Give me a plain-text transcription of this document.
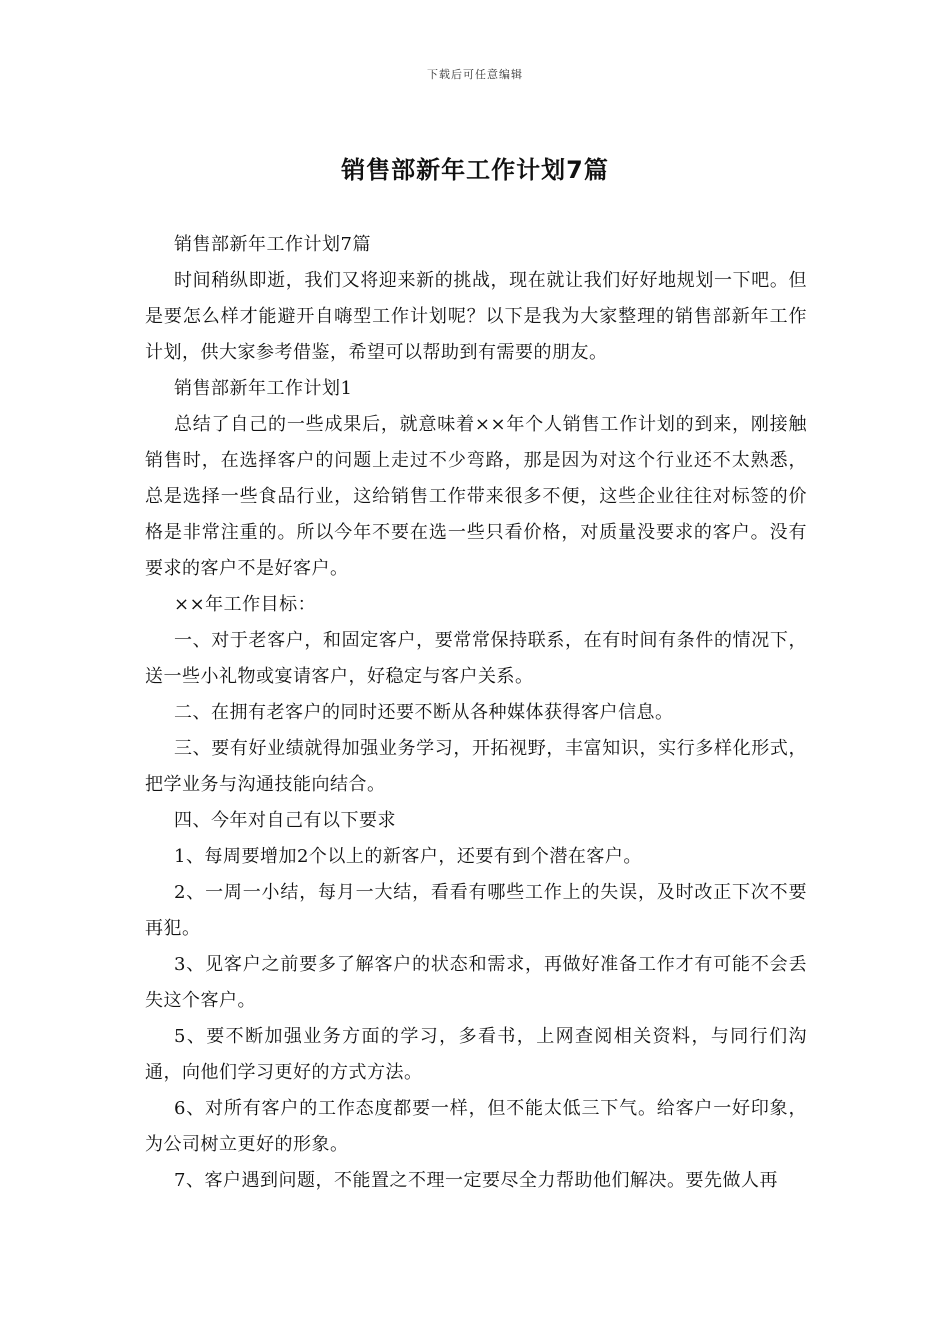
下载后可任意编辑
销售部新年工作计划7篇

销售部新年工作计划7篇

时间稍纵即逝，我们又将迎来新的挑战，现在就让我们好好地规划一下吧。但是要怎么样才能避开自嗨型工作计划呢？以下是我为大家整理的销售部新年工作计划，供大家参考借鉴，希望可以帮助到有需要的朋友。

销售部新年工作计划1

总结了自己的一些成果后，就意味着××年个人销售工作计划的到来，刚接触销售时，在选择客户的问题上走过不少弯路，那是因为对这个行业还不太熟悉，总是选择一些食品行业，这给销售工作带来很多不便，这些企业往往对标签的价格是非常注重的。所以今年不要在选一些只看价格，对质量没要求的客户。没有要求的客户不是好客户。

××年工作目标：

一、对于老客户，和固定客户，要常常保持联系，在有时间有条件的情况下，送一些小礼物或宴请客户，好稳定与客户关系。

二、在拥有老客户的同时还要不断从各种媒体获得客户信息。

三、要有好业绩就得加强业务学习，开拓视野，丰富知识，实行多样化形式，把学业务与沟通技能向结合。

四、今年对自己有以下要求

1、每周要增加2个以上的新客户，还要有到个潜在客户。

2、一周一小结，每月一大结，看看有哪些工作上的失误，及时改正下次不要再犯。

3、见客户之前要多了解客户的状态和需求，再做好准备工作才有可能不会丢失这个客户。

5、要不断加强业务方面的学习，多看书，上网查阅相关资料，与同行们沟通，向他们学习更好的方式方法。

6、对所有客户的工作态度都要一样，但不能太低三下气。给客户一好印象，为公司树立更好的形象。

7、客户遇到问题，不能置之不理一定要尽全力帮助他们解决。要先做人再
